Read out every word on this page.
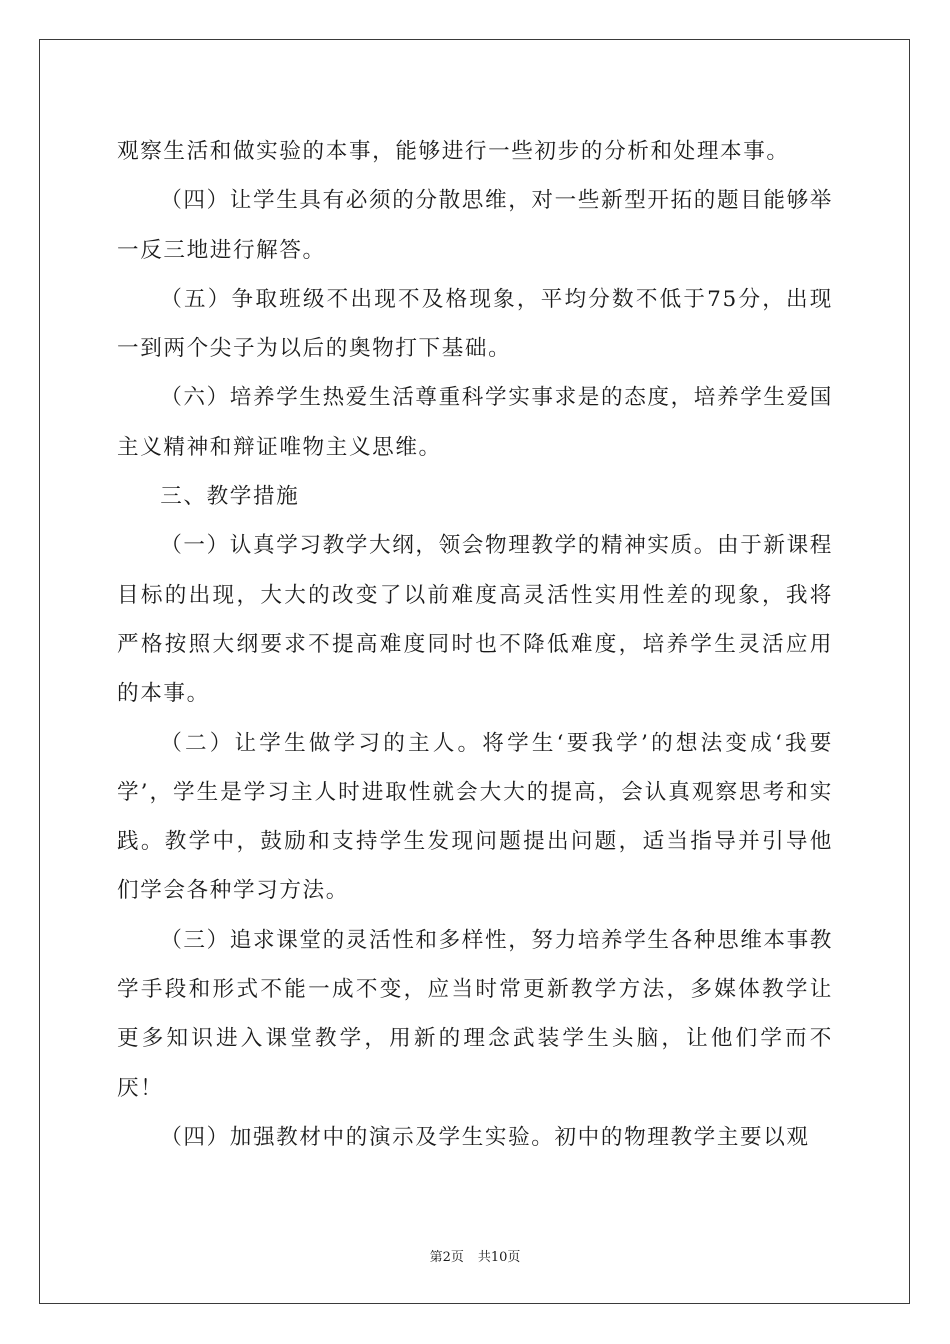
观察生活和做实验的本事，能够进行一些初步的分析和处理本事。

（四）让学生具有必须的分散思维，对一些新型开拓的题目能够举一反三地进行解答。

（五）争取班级不出现不及格现象，平均分数不低于75分，出现一到两个尖子为以后的奥物打下基础。

（六）培养学生热爱生活尊重科学实事求是的态度，培养学生爱国主义精神和辩证唯物主义思维。

三、教学措施

（一）认真学习教学大纲，领会物理教学的精神实质。由于新课程目标的出现，大大的改变了以前难度高灵活性实用性差的现象，我将严格按照大纲要求不提高难度同时也不降低难度，培养学生灵活应用的本事。

（二）让学生做学习的主人。将学生‘要我学’的想法变成‘我要学’，学生是学习主人时进取性就会大大的提高，会认真观察思考和实践。教学中，鼓励和支持学生发现问题提出问题，适当指导并引导他们学会各种学习方法。

（三）追求课堂的灵活性和多样性，努力培养学生各种思维本事教学手段和形式不能一成不变，应当时常更新教学方法，多媒体教学让更多知识进入课堂教学，用新的理念武装学生头脑，让他们学而不厌！

（四）加强教材中的演示及学生实验。初中的物理教学主要以观

第2页 共10页
